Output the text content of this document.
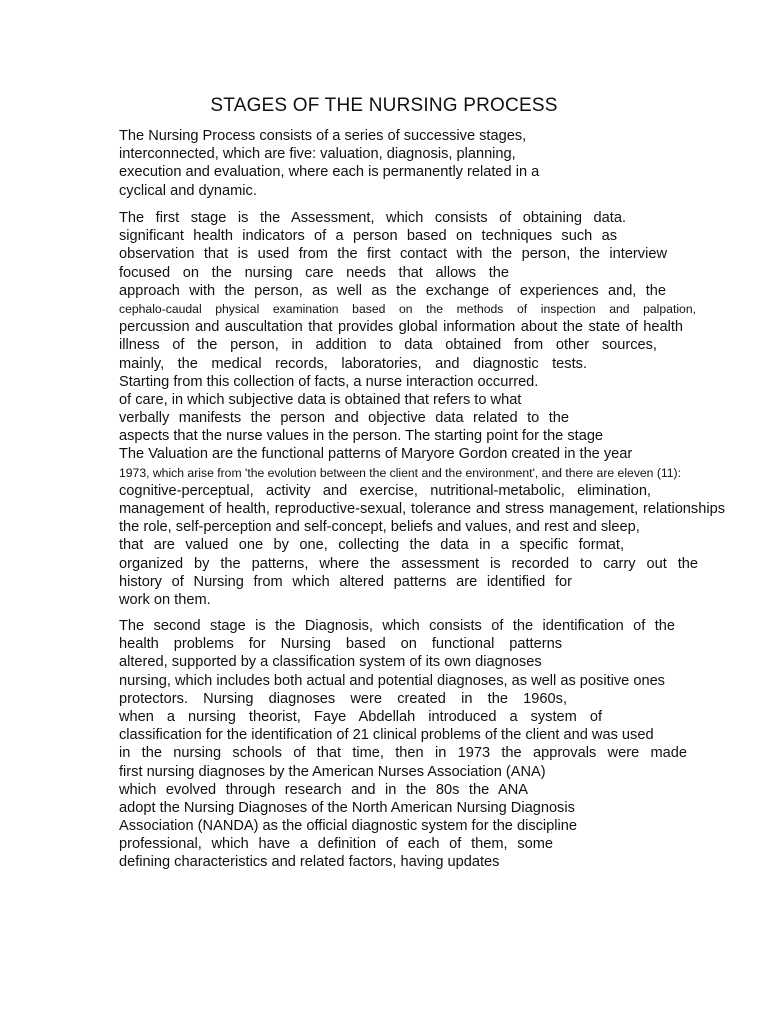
STAGES OF THE NURSING PROCESS
The Nursing Process consists of a series of successive stages,
interconnected, which are five: valuation, diagnosis, planning,
execution and evaluation, where each is permanently related in a
cyclical and dynamic.
The first stage is the Assessment, which consists of obtaining data.
significant health indicators of a person based on techniques such as
observation that is used from the first contact with the person, the interview
focused on the nursing care needs that allows the
approach with the person, as well as the exchange of experiences and, the
cephalo-caudal physical examination based on the methods of inspection and palpation,
percussion and auscultation that provides global information about the state of health
illness of the person, in addition to data obtained from other sources,
mainly, the medical records, laboratories, and diagnostic tests.
Starting from this collection of facts, a nurse interaction occurred.
of care, in which subjective data is obtained that refers to what
verbally manifests the person and objective data related to the
aspects that the nurse values in the person. The starting point for the stage
The Valuation are the functional patterns of Maryore Gordon created in the year
1973, which arise from 'the evolution between the client and the environment', and there are eleven (11):
cognitive-perceptual, activity and exercise, nutritional-metabolic, elimination,
management of health, reproductive-sexual, tolerance and stress management, relationships
the role, self-perception and self-concept, beliefs and values, and rest and sleep,
that are valued one by one, collecting the data in a specific format,
organized by the patterns, where the assessment is recorded to carry out the
history of Nursing from which altered patterns are identified for
work on them.
The second stage is the Diagnosis, which consists of the identification of the
health problems for Nursing based on functional patterns
altered, supported by a classification system of its own diagnoses
nursing, which includes both actual and potential diagnoses, as well as positive ones
protectors. Nursing diagnoses were created in the 1960s,
when a nursing theorist, Faye Abdellah introduced a system of
classification for the identification of 21 clinical problems of the client and was used
in the nursing schools of that time, then in 1973 the approvals were made
first nursing diagnoses by the American Nurses Association (ANA)
which evolved through research and in the 80s the ANA
adopt the Nursing Diagnoses of the North American Nursing Diagnosis
Association (NANDA) as the official diagnostic system for the discipline
professional, which have a definition of each of them, some
defining characteristics and related factors, having updates
